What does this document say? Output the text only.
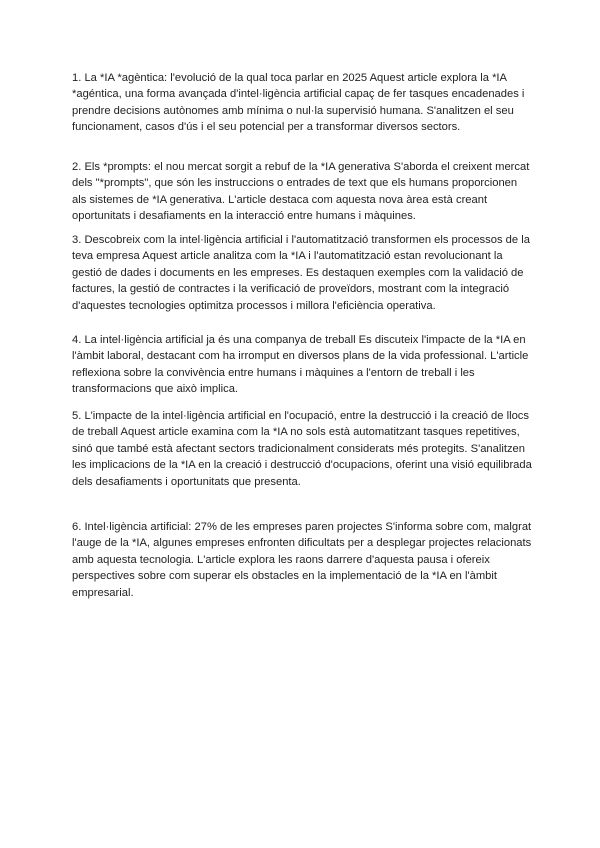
1. La *IA *agèntica: l'evolució de la qual toca parlar en 2025 Aquest article explora la *IA *agéntica, una forma avançada d'intel·ligència artificial capaç de fer tasques encadenades i prendre decisions autònomes amb mínima o nul·la supervisió humana. S'analitzen el seu funcionament, casos d'ús i el seu potencial per a transformar diversos sectors.

2. Els *prompts: el nou mercat sorgit a rebuf de la *IA generativa S'aborda el creixent mercat dels "*prompts", que són les instruccions o entrades de text que els humans proporcionen als sistemes de *IA generativa. L'article destaca com aquesta nova àrea està creant oportunitats i desafiaments en la interacció entre humans i màquines.

3. Descobreix com la intel·ligència artificial i l'automatització transformen els processos de la teva empresa Aquest article analitza com la *IA i l'automatització estan revolucionant la gestió de dades i documents en les empreses. Es destaquen exemples com la validació de factures, la gestió de contractes i la verificació de proveïdors, mostrant com la integració d'aquestes tecnologies optimitza processos i millora l'eficiència operativa.

4. La intel·ligència artificial ja és una companya de treball Es discuteix l'impacte de la *IA en l'àmbit laboral, destacant com ha irromput en diversos plans de la vida professional. L'article reflexiona sobre la convivència entre humans i màquines a l'entorn de treball i les transformacions que això implica.

5. L'impacte de la intel·ligència artificial en l'ocupació, entre la destrucció i la creació de llocs de treball Aquest article examina com la *IA no sols està automatitzant tasques repetitives, sinó que també està afectant sectors tradicionalment considerats més protegits. S'analitzen les implicacions de la *IA en la creació i destrucció d'ocupacions, oferint una visió equilibrada dels desafiaments i oportunitats que presenta.

6. Intel·ligència artificial: 27% de les empreses paren projectes S'informa sobre com, malgrat l'auge de la *IA, algunes empreses enfronten dificultats per a desplegar projectes relacionats amb aquesta tecnologia. L'article explora les raons darrere d'aquesta pausa i ofereix perspectives sobre com superar els obstacles en la implementació de la *IA en l'àmbit empresarial.
